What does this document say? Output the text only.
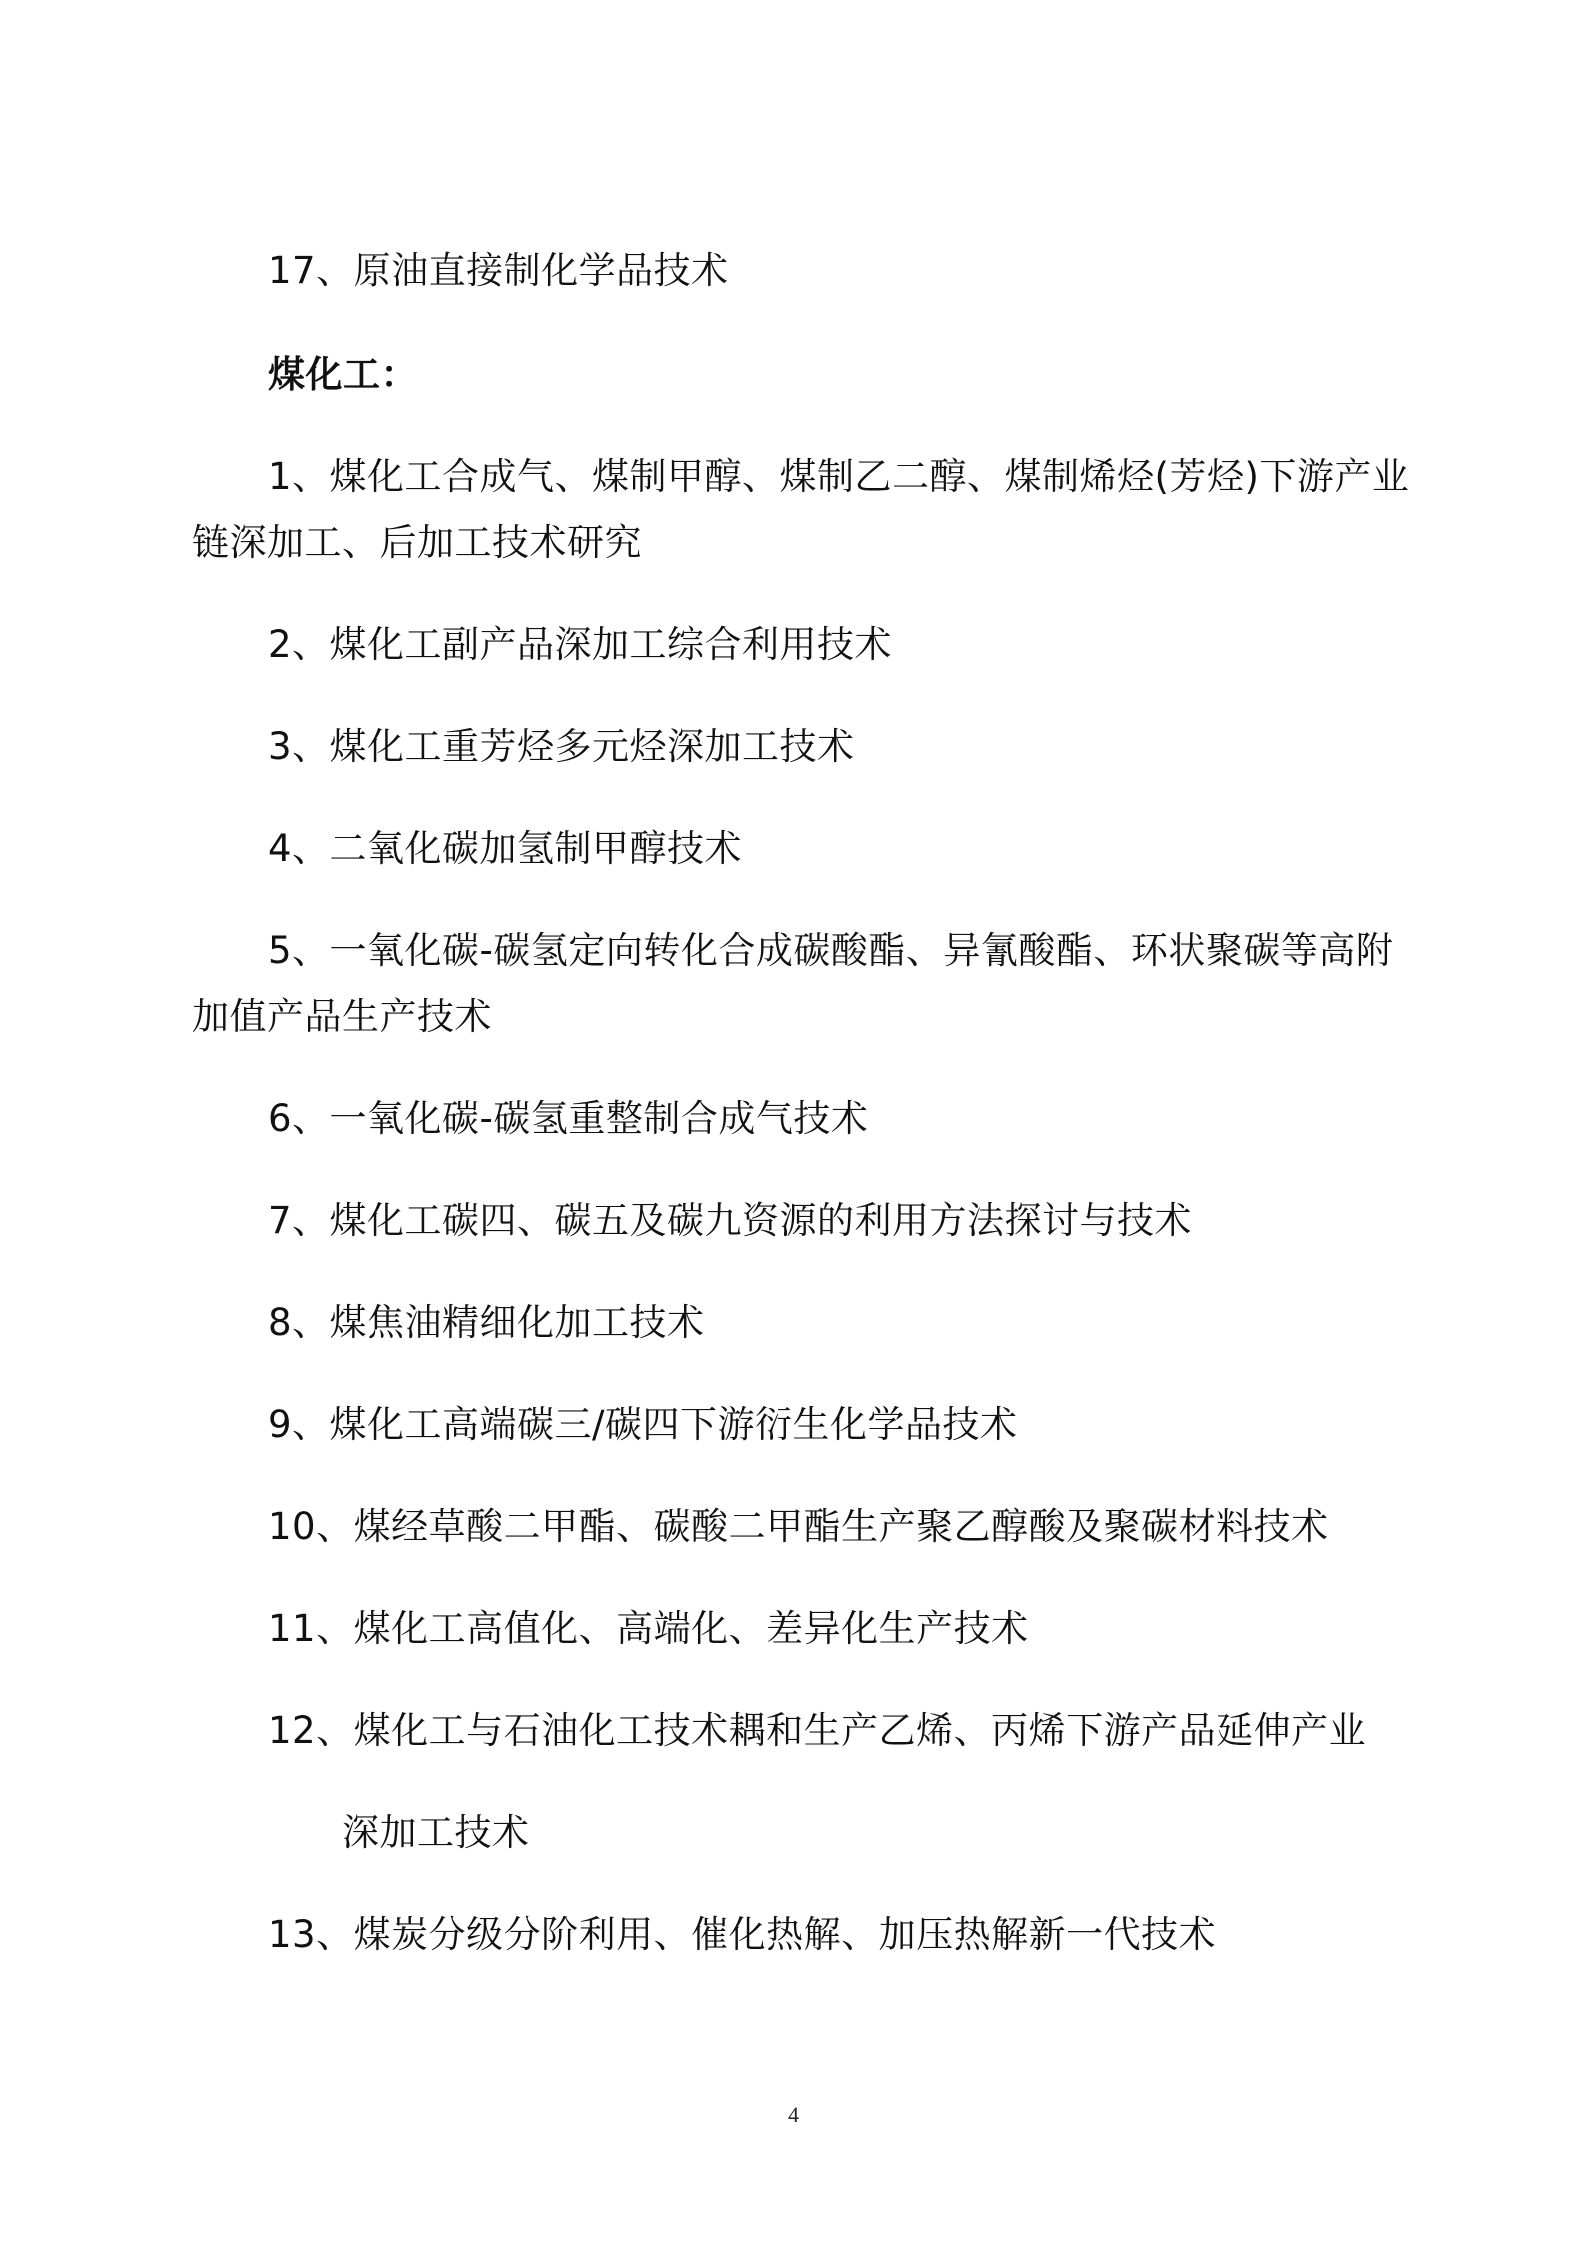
17、原油直接制化学品技术
煤化工：
1、煤化工合成气、煤制甲醇、煤制乙二醇、煤制烯烃(芳烃)下游产业
链深加工、后加工技术研究
2、煤化工副产品深加工综合利用技术
3、煤化工重芳烃多元烃深加工技术
4、二氧化碳加氢制甲醇技术
5、一氧化碳-碳氢定向转化合成碳酸酯、异氰酸酯、环状聚碳等高附
加值产品生产技术
6、一氧化碳-碳氢重整制合成气技术
7、煤化工碳四、碳五及碳九资源的利用方法探讨与技术
8、煤焦油精细化加工技术
9、煤化工高端碳三/碳四下游衍生化学品技术
10、煤经草酸二甲酯、碳酸二甲酯生产聚乙醇酸及聚碳材料技术
11、煤化工高值化、高端化、差异化生产技术
12、煤化工与石油化工技术耦和生产乙烯、丙烯下游产品延伸产业
深加工技术
13、煤炭分级分阶利用、催化热解、加压热解新一代技术
4
